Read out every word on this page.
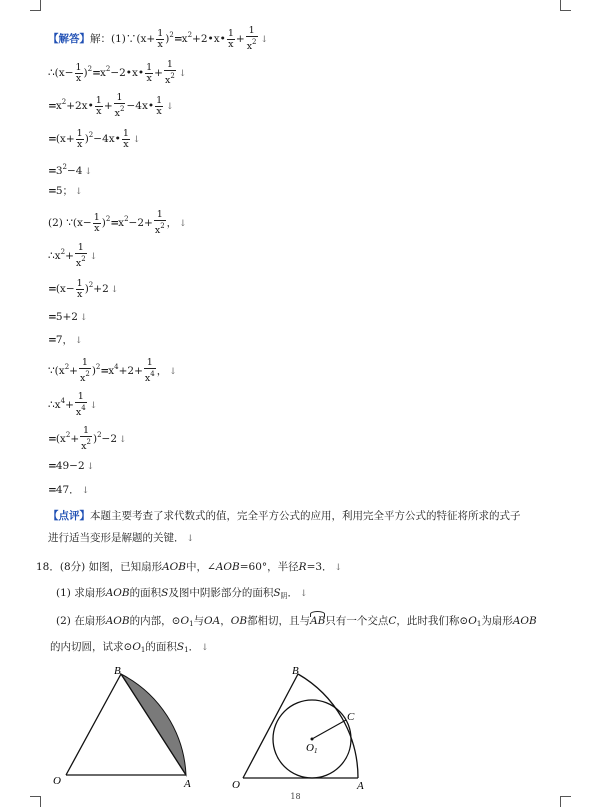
【解答】解：(1)∵(x+ $\frac{1}{x}$ )$^2=x^2+2•x• \frac{1}{x} + \frac{1}{x^2}$ ↓
∴(x− $\frac{1}{x}$ )$^2=x^2-2•x• \frac{1}{x} + \frac{1}{x^2}$ ↓
$=x^2+2x• \frac{1}{x} + \frac{1}{x^2}$ −4x• $\frac{1}{x}$ ↓
$=(x+ \frac{1}{x}$ )$^2-4x• \frac{1}{x}$ ↓
$=3^2-4$ ↓
=5； ↓
(2) ∵(x− $\frac{1}{x} )^2=x^2-2+ \frac{1}{x^2}$ ， ↓
$\therefore x^2+ \frac{1}{x^2}$ ↓
$=(x- \frac{1}{x} )^2+2$ ↓
=5+2 ↓
=7， ↓
$\because(x^2+ \frac{1}{x^2} )^2=x^4+2+ \frac{1}{x^4}$ ， ↓
$\therefore x^4+ \frac{1}{x^4}$ ↓
$=(x^2+ \frac{1}{x^2} )^2-2$ ↓
=49−2 ↓
=47． ↓
【点评】本题主要考查了求代数式的值，完全平方公式的应用，利用完全平方公式的特征将所求的式子
进行适当变形是解题的关键． ↓
18．(8分) 如图，已知扇形AOB中，∠AOB=60°，半径R=3． ↓
(1) 求扇形AOB的面积S及图中阴影部分的面积$S_阴$． ↓
(2) 在扇形AOB的内部，$⊙O_1$与OA，OB都相切，且与AB只有一个交点C，此时我们称$⊙O_1$为扇形AOB
的内切圆，试求$⊙O_1$的面积$S_1$． ↓
B
O	A
B
C
O1
O	A
18
